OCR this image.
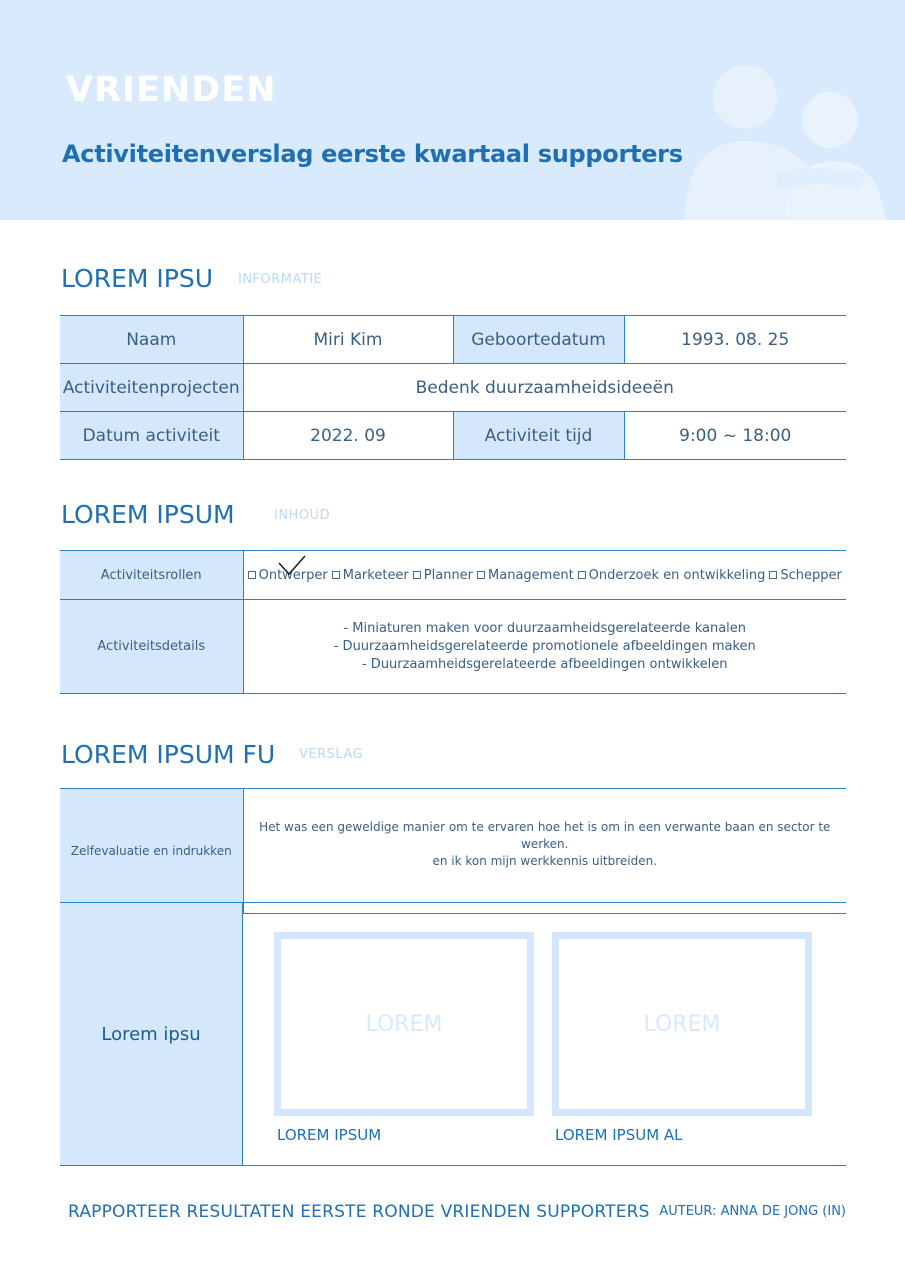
VRIENDEN
Activiteitenverslag eerste kwartaal supporters
LOREM IPSU INFORMATIE
Naam	Miri Kim	Geboortedatum	1993. 08. 25
Activiteitenprojecten	Bedenk duurzaamheidsideeën		
Datum activiteit	2022. 09	Activiteit tijd	9:00 ~ 18:00
LOREM IPSUM	INHOUD
Activiteitsrollen	Ontwerper Marketeer Planner Management Onderzoek en ontwikkeling Schepper
Activiteitsdetails	- Miniaturen maken voor duurzaamheidsgerelateerde kanalen
- Duurzaamheidsgerelateerde promotionele afbeeldingen maken
- Duurzaamheidsgerelateerde afbeeldingen ontwikkelen
LOREM IPSUM FU VERSLAG
Zelfevaluatie en indrukken	
Het was een geweldige manier om te ervaren hoe het is om in een verwante baan en sector te werken.
en ik kon mijn werkkennis uitbreiden.
Lorem ipsu	LOREM
LOREM IPSUM
LOREM
LOREM IPSUM AL
RAPPORTEER RESULTATEN EERSTE RONDE VRIENDEN SUPPORTERS AUTEUR: ANNA DE JONG (IN)
